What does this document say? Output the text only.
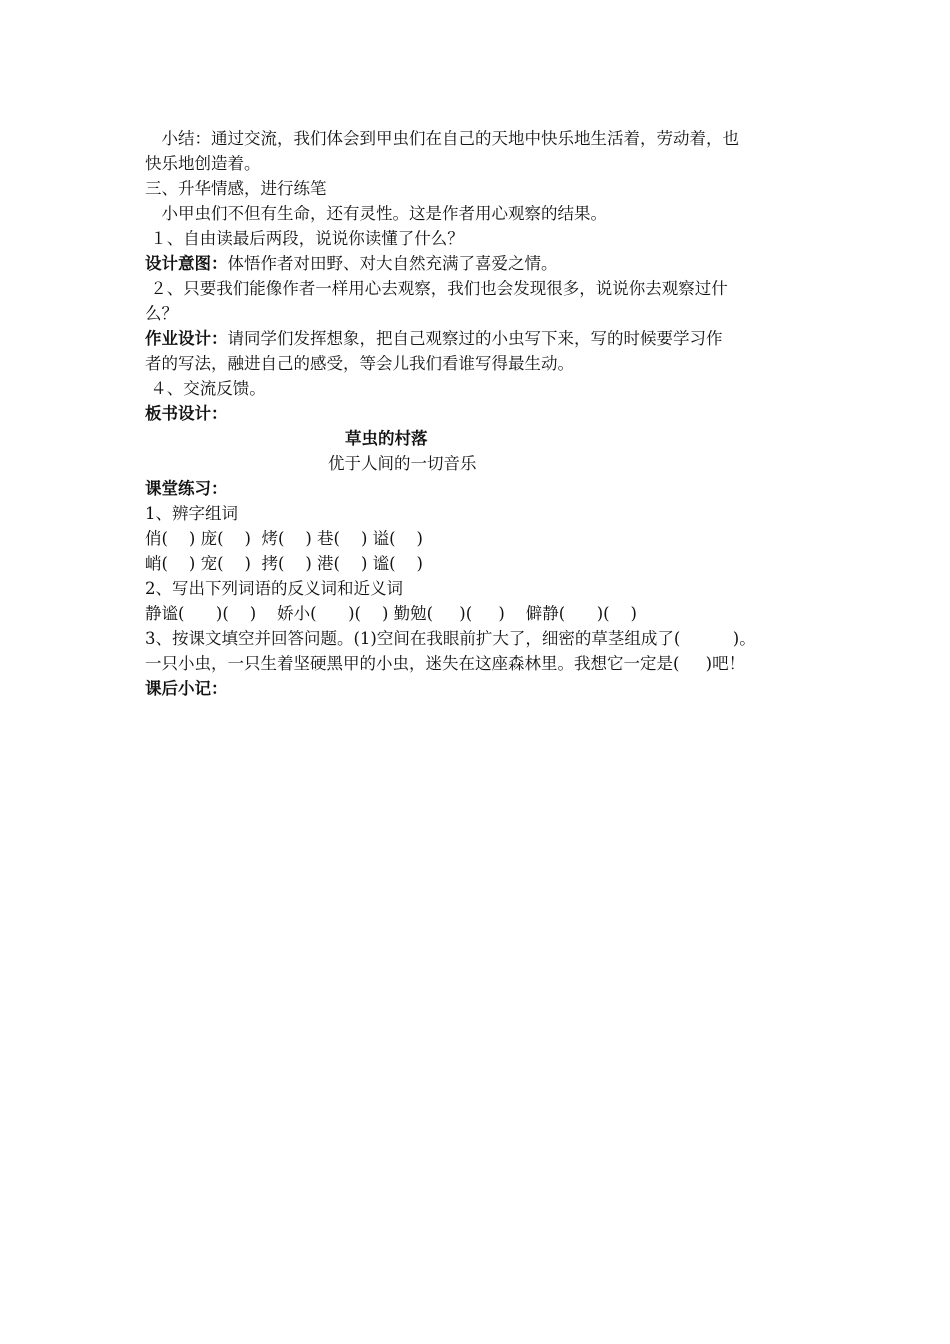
　小结：通过交流，我们体会到甲虫们在自己的天地中快乐地生活着，劳动着，也
快乐地创造着。
三、升华情感，进行练笔
　小甲虫们不但有生命，还有灵性。这是作者用心观察的结果。
１、自由读最后两段，说说你读懂了什么？
设计意图：体悟作者对田野、对大自然充满了喜爱之情。
２、只要我们能像作者一样用心去观察，我们也会发现很多，说说你去观察过什
么？
作业设计：请同学们发挥想象，把自己观察过的小虫写下来，写的时候要学习作
者的写法，融进自己的感受，等会儿我们看谁写得最生动。
４、交流反馈。
板书设计：
草虫的村落
优于人间的一切音乐
课堂练习：
1、辨字组词
俏(    ) 庞(    )  烤(    ) 巷(    ) 谥(    )
峭(    ) 宠(    )  拷(    ) 港(    ) 谧(    )
2、写出下列词语的反义词和近义词
静谧(      )(    )    娇小(      )(    ) 勤勉(     )(     )    僻静(      )(    )
3、按课文填空并回答问题。(1)空间在我眼前扩大了，细密的草茎组成了(          )。
一只小虫，一只生着坚硬黑甲的小虫，迷失在这座森林里。我想它一定是(     )吧！
课后小记：
